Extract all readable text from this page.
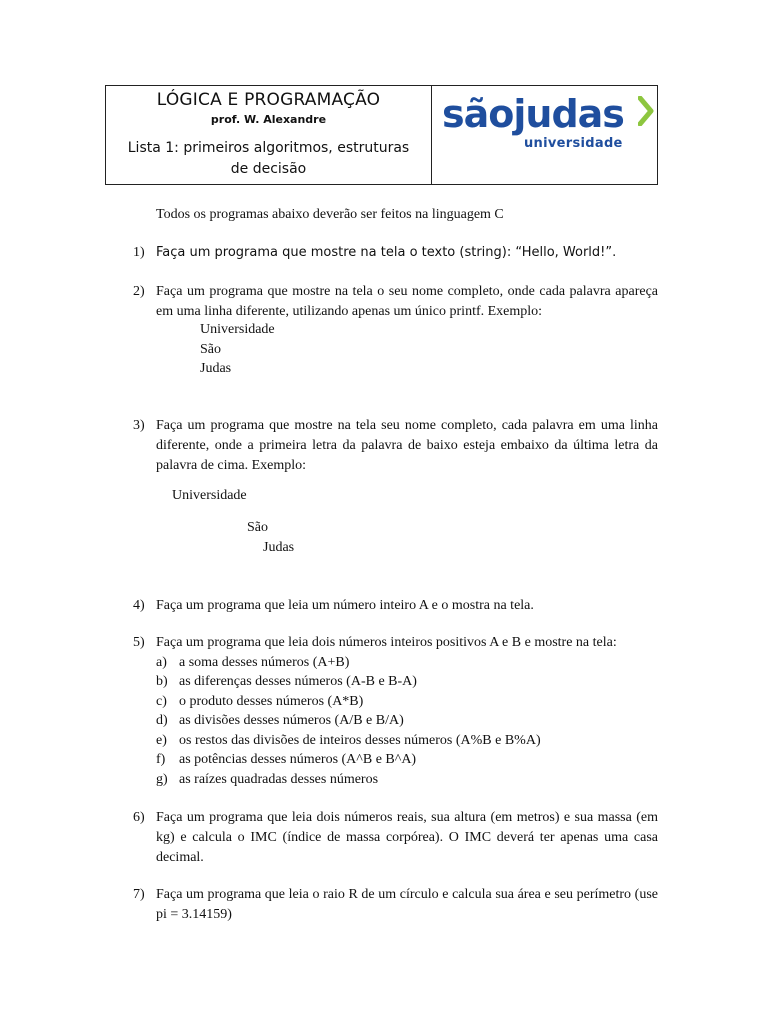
LÓGICA E PROGRAMAÇÃO
prof. W. Alexandre
Lista 1: primeiros algoritmos, estruturas
de decisão
sãojudas
universidade
Todos os programas abaixo deverão ser feitos na linguagem C
1) Faça um programa que mostre na tela o texto (string): “Hello, World!”.
2) Faça um programa que mostre na tela o seu nome completo, onde cada palavra apareça em uma linha diferente, utilizando apenas um único printf. Exemplo:
Universidade
São
Judas
3) Faça um programa que mostre na tela seu nome completo, cada palavra em uma linha diferente, onde a primeira letra da palavra de baixo esteja embaixo da última letra da palavra de cima. Exemplo:
Universidade
São
Judas
4) Faça um programa que leia um número inteiro A e o mostra na tela.
5) Faça um programa que leia dois números inteiros positivos A e B e mostre na tela:
a) a soma desses números (A+B)
b) as diferenças desses números (A-B e B-A)
c) o produto desses números (A*B)
d) as divisões desses números (A/B e B/A)
e) os restos das divisões de inteiros desses números (A%B e B%A)
f) as potências desses números (A^B e B^A)
g) as raízes quadradas desses números
6) Faça um programa que leia dois números reais, sua altura (em metros) e sua massa (em kg) e calcula o IMC (índice de massa corpórea). O IMC deverá ter apenas uma casa decimal.
7) Faça um programa que leia o raio R de um círculo e calcula sua área e seu perímetro (use pi = 3.14159)
